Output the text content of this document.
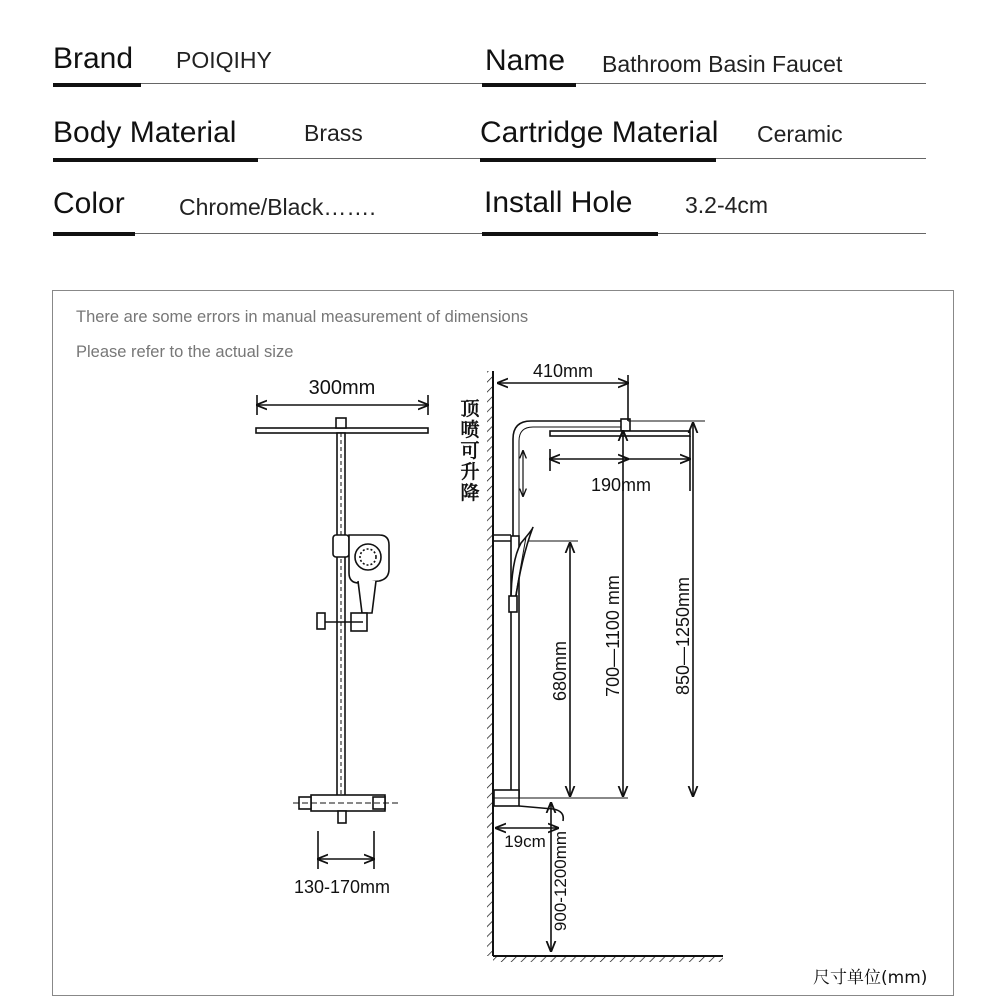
Brand POIQIHY	Name Bathroom Basin Faucet
Body Material	Brass	Cartridge Material Ceramic
Color Chrome/Black…….	Install Hole 3.2-4cm
There are some errors in manual measurement of dimensions
Please refer to the actual size
300mm
130-170mm
410mm
190mm
680mm 700—1100 mm	850—1250mm
19cm 900-1200mm
顶喷可升降
尺寸单位(mm)
